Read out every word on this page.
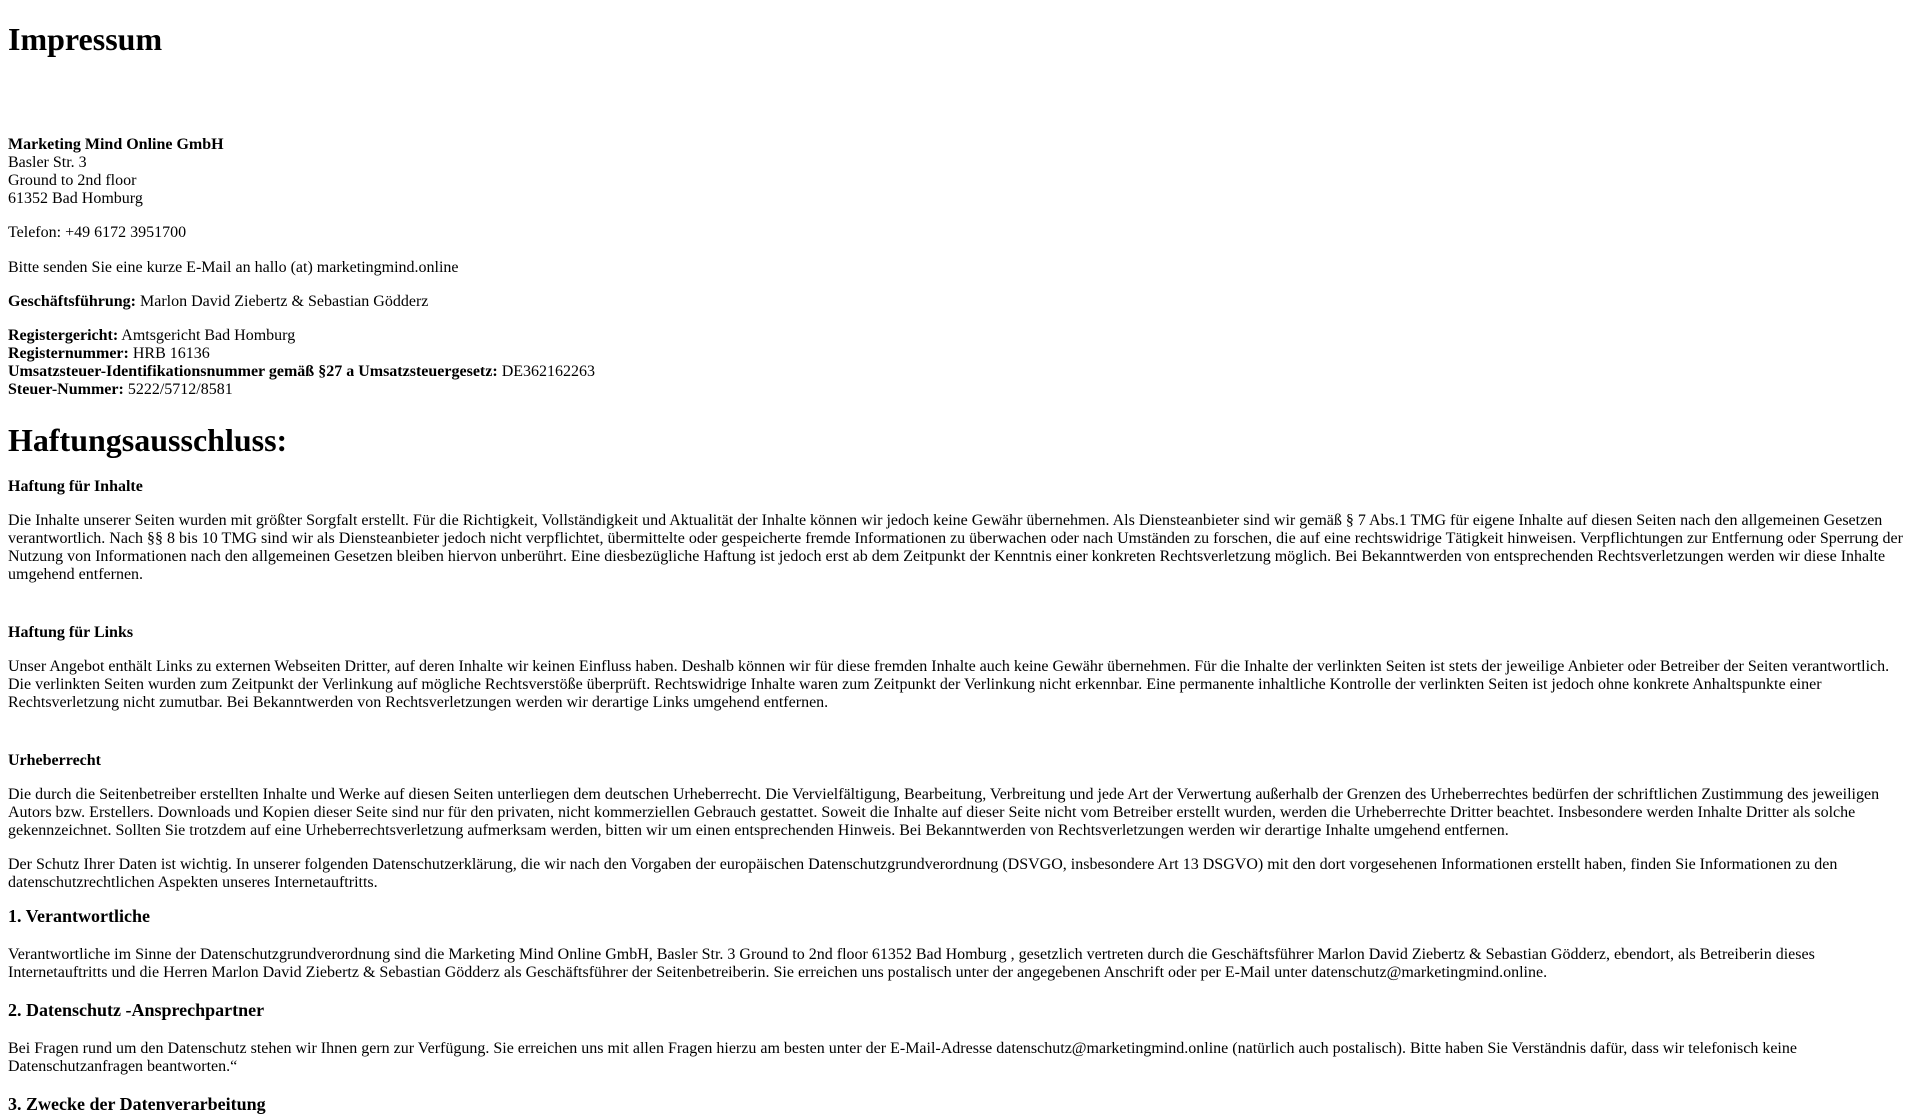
Impressum

Marketing Mind Online GmbH
Basler Str. 3
Ground to 2nd floor
61352 Bad Homburg

Telefon: +49 6172 3951700

Bitte senden Sie eine kurze E-Mail an hallo (at) marketingmind.online

Geschäftsführung: Marlon David Ziebertz & Sebastian Gödderz

Registergericht: Amtsgericht Bad Homburg
Registernummer: HRB 16136
Umsatzsteuer-Identifikationsnummer gemäß §27 a Umsatzsteuergesetz: DE362162263
Steuer-Nummer: 5222/5712/8581

Haftungsausschluss:
Haftung für Inhalte

Die Inhalte unserer Seiten wurden mit größter Sorgfalt erstellt. Für die Richtigkeit, Vollständigkeit und Aktualität der Inhalte können wir jedoch keine Gewähr übernehmen. Als Diensteanbieter sind wir gemäß § 7 Abs.1 TMG für eigene Inhalte auf diesen Seiten nach den allgemeinen Gesetzen verantwortlich. Nach §§ 8 bis 10 TMG sind wir als Diensteanbieter jedoch nicht verpflichtet, übermittelte oder gespeicherte fremde Informationen zu überwachen oder nach Umständen zu forschen, die auf eine rechtswidrige Tätigkeit hinweisen. Verpflichtungen zur Entfernung oder Sperrung der Nutzung von Informationen nach den allgemeinen Gesetzen bleiben hiervon unberührt. Eine diesbezügliche Haftung ist jedoch erst ab dem Zeitpunkt der Kenntnis einer konkreten Rechtsverletzung möglich. Bei Bekanntwerden von entsprechenden Rechtsverletzungen werden wir diese Inhalte umgehend entfernen.

Haftung für Links

Unser Angebot enthält Links zu externen Webseiten Dritter, auf deren Inhalte wir keinen Einfluss haben. Deshalb können wir für diese fremden Inhalte auch keine Gewähr übernehmen. Für die Inhalte der verlinkten Seiten ist stets der jeweilige Anbieter oder Betreiber der Seiten verantwortlich. Die verlinkten Seiten wurden zum Zeitpunkt der Verlinkung auf mögliche Rechtsverstöße überprüft. Rechtswidrige Inhalte waren zum Zeitpunkt der Verlinkung nicht erkennbar. Eine permanente inhaltliche Kontrolle der verlinkten Seiten ist jedoch ohne konkrete Anhaltspunkte einer Rechtsverletzung nicht zumutbar. Bei Bekanntwerden von Rechtsverletzungen werden wir derartige Links umgehend entfernen.

Urheberrecht

Die durch die Seitenbetreiber erstellten Inhalte und Werke auf diesen Seiten unterliegen dem deutschen Urheberrecht. Die Vervielfältigung, Bearbeitung, Verbreitung und jede Art der Verwertung außerhalb der Grenzen des Urheberrechtes bedürfen der schriftlichen Zustimmung des jeweiligen Autors bzw. Erstellers. Downloads und Kopien dieser Seite sind nur für den privaten, nicht kommerziellen Gebrauch gestattet. Soweit die Inhalte auf dieser Seite nicht vom Betreiber erstellt wurden, werden die Urheberrechte Dritter beachtet. Insbesondere werden Inhalte Dritter als solche gekennzeichnet. Sollten Sie trotzdem auf eine Urheberrechtsverletzung aufmerksam werden, bitten wir um einen entsprechenden Hinweis. Bei Bekanntwerden von Rechtsverletzungen werden wir derartige Inhalte umgehend entfernen.

Der Schutz Ihrer Daten ist wichtig. In unserer folgenden Datenschutzerklärung, die wir nach den Vorgaben der europäischen Datenschutzgrundverordnung (DSVGO, insbesondere Art 13 DSGVO) mit den dort vorgesehenen Informationen erstellt haben, finden Sie Informationen zu den datenschutzrechtlichen Aspekten unseres Internetauftritts.

1. Verantwortliche

Verantwortliche im Sinne der Datenschutzgrundverordnung sind die Marketing Mind Online GmbH, Basler Str. 3 Ground to 2nd floor 61352 Bad Homburg , gesetzlich vertreten durch die Geschäftsführer Marlon David Ziebertz & Sebastian Gödderz, ebendort, als Betreiberin dieses Internetauftritts und die Herren Marlon David Ziebertz & Sebastian Gödderz als Geschäftsführer der Seitenbetreiberin. Sie erreichen uns postalisch unter der angegebenen Anschrift oder per E-Mail unter datenschutz@marketingmind.online.

2. Datenschutz -Ansprechpartner

Bei Fragen rund um den Datenschutz stehen wir Ihnen gern zur Verfügung. Sie erreichen uns mit allen Fragen hierzu am besten unter der E-Mail-Adresse datenschutz@marketingmind.online (natürlich auch postalisch). Bitte haben Sie Verständnis dafür, dass wir telefonisch keine Datenschutzanfragen beantworten.“

3. Zwecke der Datenverarbeitung
